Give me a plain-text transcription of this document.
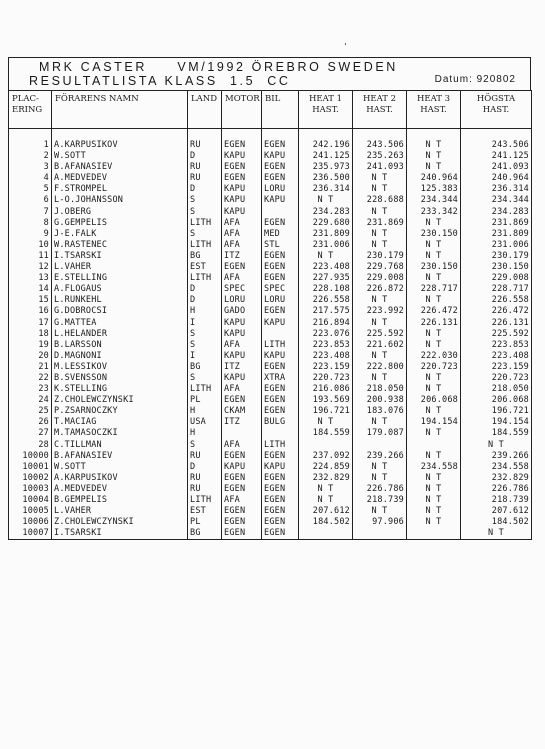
'
MRK CASTER     VM/1992 ÖREBRO SWEDEN
RESULTATLISTA KLASS  1.5  CC	Datum: 920802
PLAC-
ERING	FÖRARENS NAMN	LAND	MOTOR	BIL	HEAT 1
HAST.	HEAT 2
HAST.	HEAT 3
HAST.	HÖGSTA
HAST.

1	A.KARPUSIKOV	RU	EGEN	EGEN	242.196	243.506	N T	243.506
2	W.SOTT	D	KAPU	KAPU	241.125	235.263	N T	241.125
3	B.AFANASIEV	RU	EGEN	EGEN	235.973	241.093	N T	241.093
4	A.MEDVEDEV	RU	EGEN	EGEN	236.500	N T	240.964	240.964
5	F.STROMPEL	D	KAPU	LORU	236.314	N T	125.383	236.314
6	L-O.JOHANSSON	S	KAPU	KAPU	N T	228.688	234.344	234.344
7	J.ÖBERG	S	KAPU		234.283	N T	233.342	234.283
8	G.GEMPELIS	LITH	AFA	EGEN	229.680	231.869	N T	231.869
9	J-E.FALK	S	AFA	MED	231.809	N T	230.150	231.809
10	W.RASTENEC	LITH	AFA	STL	231.006	N T	N T	231.006
11	I.TSARSKI	BG	ITZ	EGEN	N T	230.179	N T	230.179
12	L.VAHER	EST	EGEN	EGEN	223.408	229.768	230.150	230.150
13	E.STELLING	LITH	AFA	EGEN	227.935	229.008	N T	229.008
14	A.FLOGAUS	D	SPEC	SPEC	228.108	226.872	228.717	228.717
15	L.RUNKEHL	D	LORU	LORU	226.558	N T	N T	226.558
16	G.DOBROCSI	H	GADO	EGEN	217.575	223.992	226.472	226.472
17	G.MATTEA	I	KAPU	KAPU	216.894	N T	226.131	226.131
18	L.HELANDER	S	KAPU		223.076	225.592	N T	225.592
19	B.LARSSON	S	AFA	LITH	223.853	221.602	N T	223.853
20	D.MAGNONI	I	KAPU	KAPU	223.408	N T	222.030	223.408
21	M.LESSIKOV	BG	ITZ	EGEN	223.159	222.800	220.723	223.159
22	B.SVENSSON	S	KAPU	XTRA	220.723	N T	N T	220.723
23	K.STELLING	LITH	AFA	EGEN	216.086	218.050	N T	218.050
24	Z.CHOLEWCZYNSKI	PL	EGEN	EGEN	193.569	200.938	206.068	206.068
25	P.ZSARNOCZKY	H	CKAM	EGEN	196.721	183.076	N T	196.721
26	T.MACIAG	USA	ITZ	BULG	N T	N T	194.154	194.154
27	M.TAMASOCZKI	H			184.559	179.087	N T	184.559
28	C.TILLMAN	S	AFA	LITH				N T
10000	B.AFANASIEV	RU	EGEN	EGEN	237.092	239.266	N T	239.266
10001	W.SOTT	D	KAPU	KAPU	224.859	N T	234.558	234.558
10002	A.KARPUSIKOV	RU	EGEN	EGEN	232.829	N T	N T	232.829
10003	A.MEDVEDEV	RU	EGEN	EGEN	N T	226.786	N T	226.786
10004	B.GEMPELIS	LITH	AFA	EGEN	N T	218.739	N T	218.739
10005	L.VAHER	EST	EGEN	EGEN	207.612	N T	N T	207.612
10006	Z.CHOLEWCZYNSKI	PL	EGEN	EGEN	184.502	97.906	N T	184.502
10007	I.TSARSKI	BG	EGEN	EGEN				N T
